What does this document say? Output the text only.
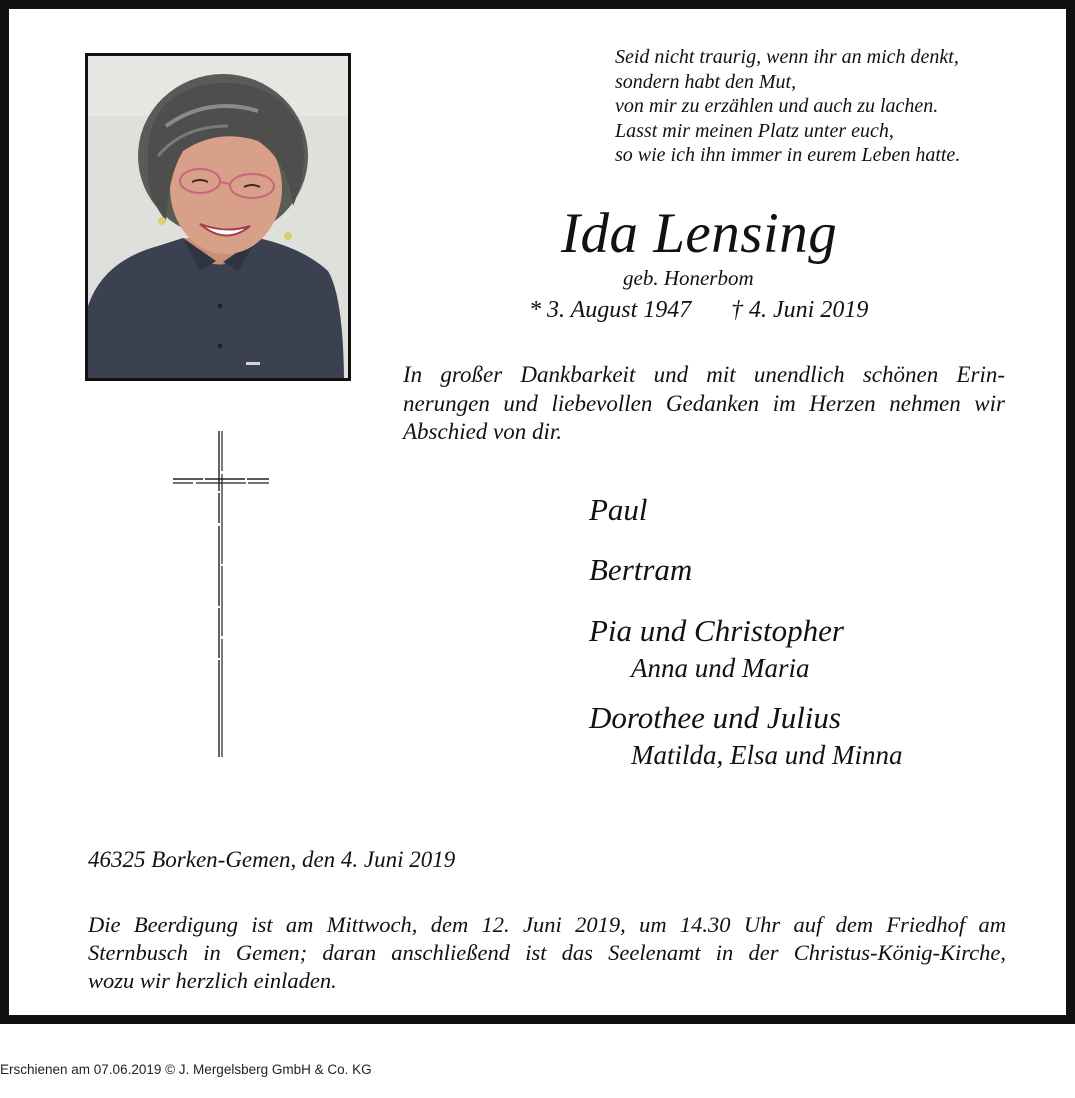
Seid nicht traurig, wenn ihr an mich denkt,
sondern habt den Mut,
von mir zu erzählen und auch zu lachen.
Lasst mir meinen Platz unter euch,
so wie ich ihn immer in eurem Leben hatte.
Ida Lensing
geb. Honerbom
* 3. August 1947 † 4. Juni 2019
In großer Dankbarkeit und mit unendlich schönen Erin-
nerungen und liebevollen Gedanken im Herzen nehmen wir
Abschied von dir.
Paul
Bertram
Pia und Christopher
Anna und Maria
Dorothee und Julius
Matilda, Elsa und Minna
46325 Borken-Gemen, den 4. Juni 2019
Die Beerdigung ist am Mittwoch, dem 12. Juni 2019, um 14.30 Uhr auf dem Friedhof am
Sternbusch in Gemen; daran anschließend ist das Seelenamt in der Christus-König-Kirche,
wozu wir herzlich einladen.
Erschienen am 07.06.2019 © J. Mergelsberg GmbH & Co. KG
